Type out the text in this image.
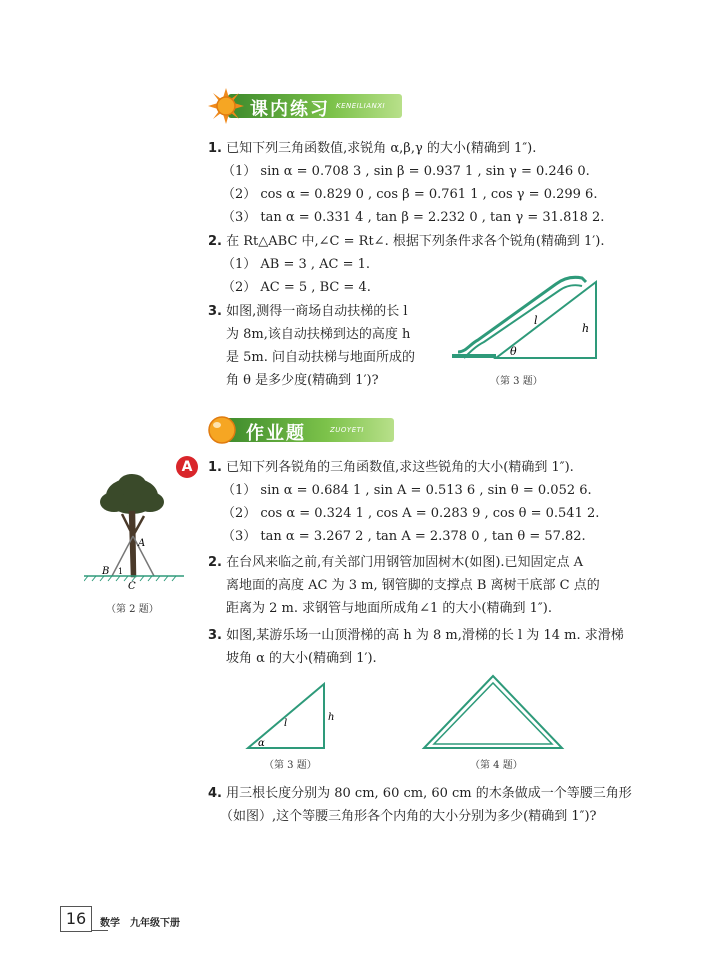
课内练习 KENEILIANXI
1. 已知下列三角函数值,求锐角 α,β,γ 的大小(精确到 1″).
（1） sin α = 0.708 3 , sin β = 0.937 1 , sin γ = 0.246 0.
（2） cos α = 0.829 0 , cos β = 0.761 1 , cos γ = 0.299 6.
（3） tan α = 0.331 4 , tan β = 2.232 0 , tan γ = 31.818 2.
2. 在 Rt△ABC 中,∠C = Rt∠. 根据下列条件求各个锐角(精确到 1′).
（1） AB = 3 , AC = 1.
（2） AC = 5 , BC = 4.
3. 如图,测得一商场自动扶梯的长 l
为 8m,该自动扶梯到达的高度 h
是 5m. 问自动扶梯与地面所成的
角 θ 是多少度(精确到 1′)?
l
h
θ
（第 3 题）
作业题	ZUOYETI
A	1. 已知下列各锐角的三角函数值,求这些锐角的大小(精确到 1″).
（1） sin α = 0.684 1 , sin A = 0.513 6 , sin θ = 0.052 6.
（2） cos α = 0.324 1 , cos A = 0.283 9 , cos θ = 0.541 2.
（3） tan α = 3.267 2 , tan A = 2.378 0 , tan θ = 57.82.
A
B 1
C
（第 2 题）
2. 在台风来临之前,有关部门用钢管加固树木(如图).已知固定点 A
离地面的高度 AC 为 3 m, 钢管脚的支撑点 B 离树干底部 C 点的
距离为 2 m. 求钢管与地面所成角∠1 的大小(精确到 1″).
3. 如图,某游乐场一山顶滑梯的高 h 为 8 m,滑梯的长 l 为 14 m. 求滑梯
坡角 α 的大小(精确到 1′).
l
h
α
（第 3 题）	（第 4 题）
4. 用三根长度分别为 80 cm, 60 cm, 60 cm 的木条做成一个等腰三角形
（如图）,这个等腰三角形各个内角的大小分别为多少(精确到 1″)?
16	数学　九年级下册
